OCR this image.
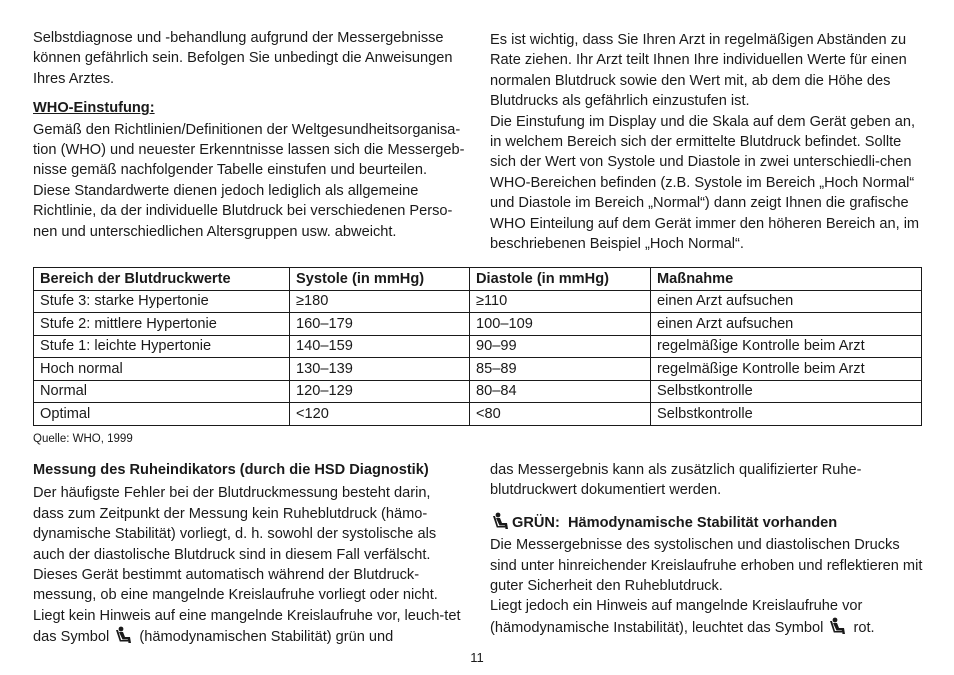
Selbstdiagnose und -behandlung aufgrund der Messergebnisse können gefährlich sein. Befolgen Sie unbedingt die Anweisungen Ihres Arztes.

WHO-Einstufung:

Gemäß den Richtlinien/Definitionen der Weltgesundheitsorganisa-tion (WHO) und neuester Erkenntnisse lassen sich die Messergeb-nisse gemäß nachfolgender Tabelle einstufen und beurteilen. Diese Standardwerte dienen jedoch lediglich als allgemeine Richtlinie, da der individuelle Blutdruck bei verschiedenen Perso-nen und unterschiedlichen Altersgruppen usw. abweicht.

Es ist wichtig, dass Sie Ihren Arzt in regelmäßigen Abständen zu Rate ziehen. Ihr Arzt teilt Ihnen Ihre individuellen Werte für einen normalen Blutdruck sowie den Wert mit, ab dem die Höhe des Blutdrucks als gefährlich einzustufen ist.

Die Einstufung im Display und die Skala auf dem Gerät geben an, in welchem Bereich sich der ermittelte Blutdruck befindet. Sollte sich der Wert von Systole und Diastole in zwei unterschiedli-chen WHO-Bereichen befinden (z.B. Systole im Bereich „Hoch Normal“ und Diastole im Bereich „Normal“) dann zeigt Ihnen die grafische WHO Einteilung auf dem Gerät immer den höheren Bereich an, im beschriebenen Beispiel „Hoch Normal“.

Bereich der Blutdruckwerte	Systole (in mmHg)	Diastole (in mmHg)	Maßnahme
Stufe 3: starke Hypertonie	≥180	≥110	einen Arzt aufsuchen
Stufe 2: mittlere Hypertonie	160–179	100–109	einen Arzt aufsuchen
Stufe 1: leichte Hypertonie	140–159	90–99	regelmäßige Kontrolle beim Arzt
Hoch normal	130–139	85–89	regelmäßige Kontrolle beim Arzt
Normal	120–129	80–84	Selbstkontrolle
Optimal	<120	<80	Selbstkontrolle
Quelle: WHO, 1999

Messung des Ruheindikators (durch die HSD Diagnostik)

Der häufigste Fehler bei der Blutdruckmessung besteht darin, dass zum Zeitpunkt der Messung kein Ruheblutdruck (hämo-dynamische Stabilität) vorliegt, d. h. sowohl der systolische als auch der diastolische Blutdruck sind in diesem Fall verfälscht. Dieses Gerät bestimmt automatisch während der Blutdruck-messung, ob eine mangelnde Kreislaufruhe vorliegt oder nicht. Liegt kein Hinweis auf eine mangelnde Kreislaufruhe vor, leuch-tet das Symbol (hämodynamischen Stabilität) grün und

das Messergebnis kann als zusätzlich qualifizierter Ruhe-blutdruckwert dokumentiert werden.

GRÜN:  Hämodynamische Stabilität vorhanden

Die Messergebnisse des systolischen und diastolischen Drucks sind unter hinreichender Kreislaufruhe erhoben und reflektieren mit guter Sicherheit den Ruheblutdruck.

Liegt jedoch ein Hinweis auf mangelnde Kreislaufruhe vor (hämodynamische Instabilität), leuchtet das Symbol rot.

11
